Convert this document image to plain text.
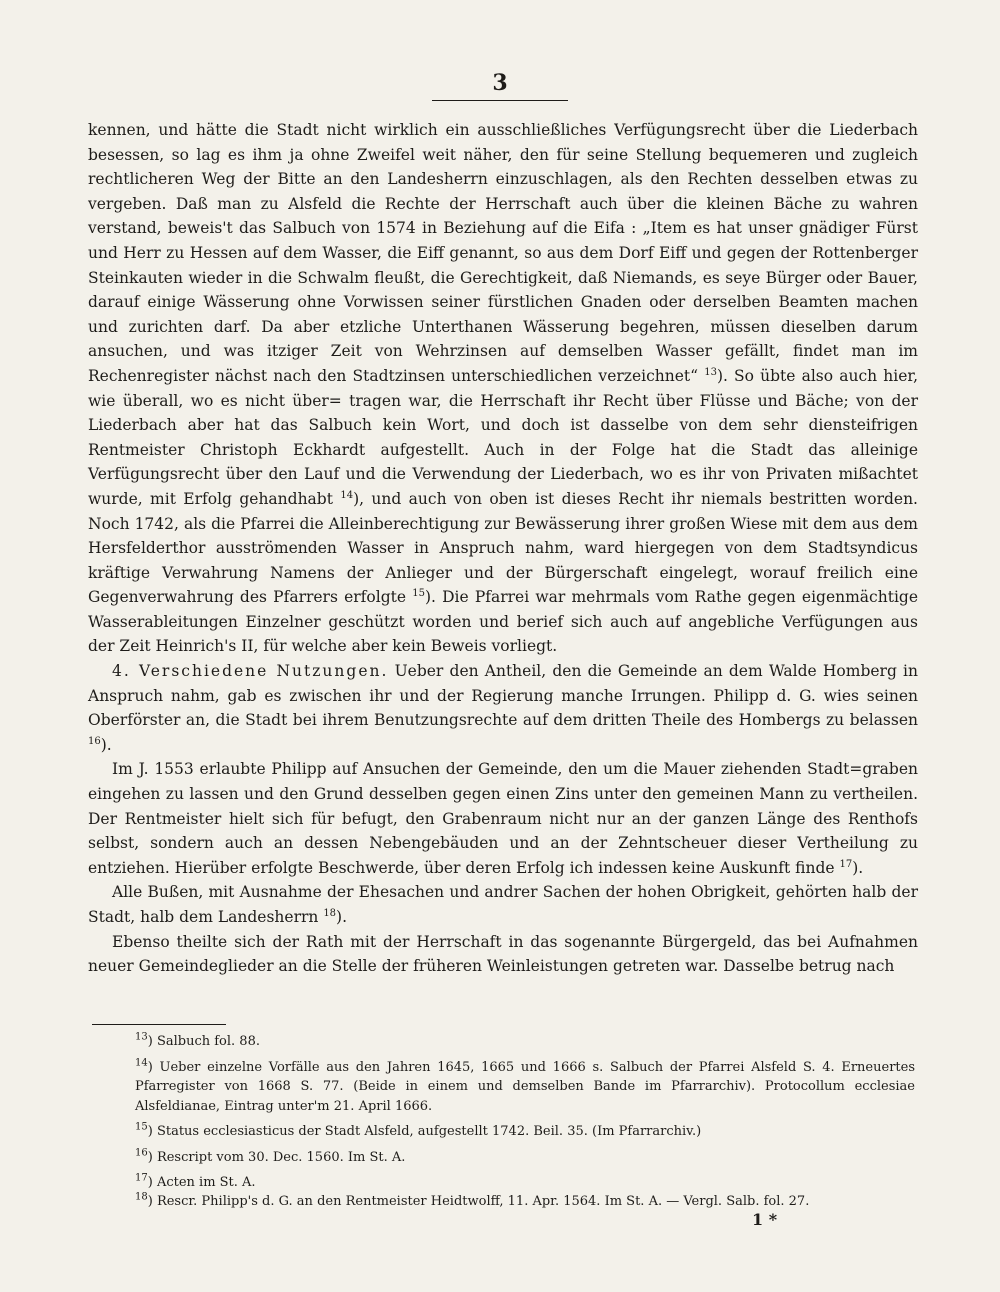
3

kennen, und hätte die Stadt nicht wirklich ein ausschließliches Verfügungsrecht über die Liederbach besessen, so lag es ihm ja ohne Zweifel weit näher, den für seine Stellung bequemeren und zugleich rechtlicheren Weg der Bitte an den Landesherrn einzuschlagen, als den Rechten desselben etwas zu vergeben. Daß man zu Alsfeld die Rechte der Herrschaft auch über die kleinen Bäche zu wahren verstand, beweis't das Salbuch von 1574 in Beziehung auf die Eifa : „Item es hat unser gnädiger Fürst und Herr zu Hessen auf dem Wasser, die Eiff genannt, so aus dem Dorf Eiff und gegen der Rottenberger Steinkauten wieder in die Schwalm fleußt, die Gerechtigkeit, daß Niemands, es seye Bürger oder Bauer, darauf einige Wässerung ohne Vorwissen seiner fürstlichen Gnaden oder derselben Beamten machen und zurichten darf. Da aber etzliche Unterthanen Wässerung begehren, müssen dieselben darum ansuchen, und was itziger Zeit von Wehrzinsen auf demselben Wasser gefällt, findet man im Rechenregister nächst nach den Stadtzinsen unterschiedlichen verzeichnet“ $^{13}$). So übte also auch hier, wie überall, wo es nicht über= tragen war, die Herrschaft ihr Recht über Flüsse und Bäche; von der Liederbach aber hat das Salbuch kein Wort, und doch ist dasselbe von dem sehr diensteifrigen Rentmeister Christoph Eckhardt aufgestellt. Auch in der Folge hat die Stadt das alleinige Verfügungsrecht über den Lauf und die Verwendung der Liederbach, wo es ihr von Privaten mißachtet wurde, mit Erfolg gehandhabt $^{14}$), und auch von oben ist dieses Recht ihr niemals bestritten worden. Noch 1742, als die Pfarrei die Alleinberechtigung zur Bewässerung ihrer großen Wiese mit dem aus dem Hersfelderthor ausströmenden Wasser in Anspruch nahm, ward hiergegen von dem Stadtsyndicus kräftige Verwahrung Namens der Anlieger und der Bürgerschaft eingelegt, worauf freilich eine Gegenverwahrung des Pfarrers erfolgte $^{15}$). Die Pfarrei war mehrmals vom Rathe gegen eigenmächtige Wasserableitungen Einzelner geschützt worden und berief sich auch auf angebliche Verfügungen aus der Zeit Heinrich's II, für welche aber kein Beweis vorliegt.

4. Verschiedene Nutzungen. Ueber den Antheil, den die Gemeinde an dem Walde Homberg in Anspruch nahm, gab es zwischen ihr und der Regierung manche Irrungen. Philipp d. G. wies seinen Oberförster an, die Stadt bei ihrem Benutzungsrechte auf dem dritten Theile des Hombergs zu belassen $^{16}$).

Im J. 1553 erlaubte Philipp auf Ansuchen der Gemeinde, den um die Mauer ziehenden Stadt=graben eingehen zu lassen und den Grund desselben gegen einen Zins unter den gemeinen Mann zu vertheilen. Der Rentmeister hielt sich für befugt, den Grabenraum nicht nur an der ganzen Länge des Renthofs selbst, sondern auch an dessen Nebengebäuden und an der Zehntscheuer dieser Vertheilung zu entziehen. Hierüber erfolgte Beschwerde, über deren Erfolg ich indessen keine Auskunft finde $^{17}$).

Alle Bußen, mit Ausnahme der Ehesachen und andrer Sachen der hohen Obrigkeit, gehörten halb der Stadt, halb dem Landesherrn $^{18}$).

Ebenso theilte sich der Rath mit der Herrschaft in das sogenannte Bürgergeld, das bei Aufnahmen neuer Gemeindeglieder an die Stelle der früheren Weinleistungen getreten war. Dasselbe betrug nach

$^{13}$) Salbuch fol. 88.

$^{14}$) Ueber einzelne Vorfälle aus den Jahren 1645, 1665 und 1666 s. Salbuch der Pfarrei Alsfeld S. 4. Erneuertes Pfarregister von 1668 S. 77. (Beide in einem und demselben Bande im Pfarrarchiv). Protocollum ecclesiae Alsfeldianae, Eintrag unter'm 21. April 1666.

$^{15}$) Status ecclesiasticus der Stadt Alsfeld, aufgestellt 1742. Beil. 35. (Im Pfarrarchiv.)

$^{16}$) Rescript vom 30. Dec. 1560. Im St. A.

$^{17}$) Acten im St. A.

$^{18}$) Rescr. Philipp's d. G. an den Rentmeister Heidtwolff, 11. Apr. 1564. Im St. A. — Vergl. Salb. fol. 27.
1 *
